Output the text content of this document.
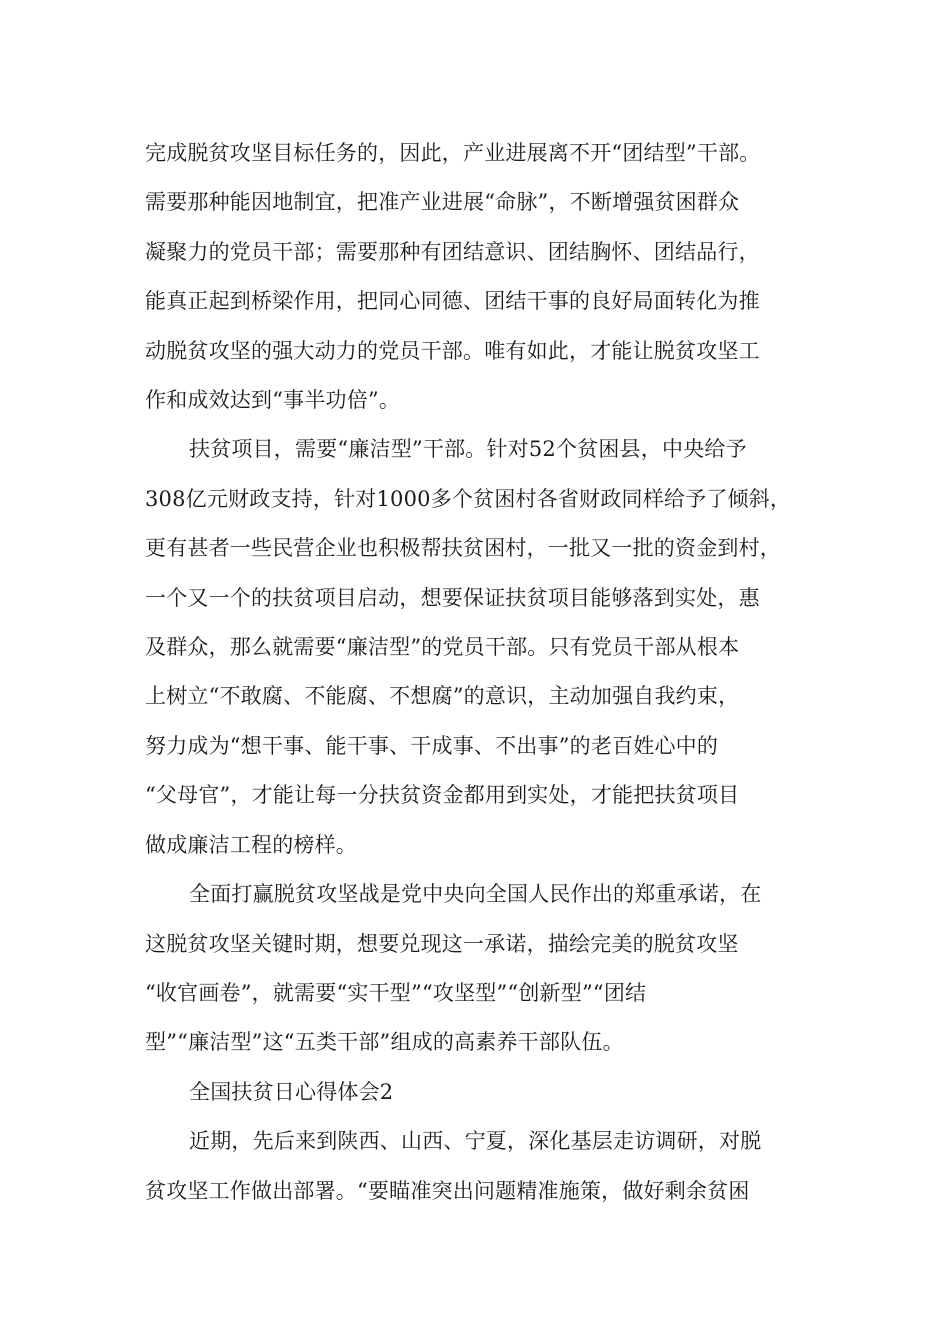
完成脱贫攻坚目标任务的，因此，产业进展离不开“团结型”干部。
需要那种能因地制宜，把准产业进展“命脉”，不断增强贫困群众
凝聚力的党员干部；需要那种有团结意识、团结胸怀、团结品行，
能真正起到桥梁作用，把同心同德、团结干事的良好局面转化为推
动脱贫攻坚的强大动力的党员干部。唯有如此，才能让脱贫攻坚工
作和成效达到“事半功倍”。

扶贫项目，需要“廉洁型”干部。针对52个贫困县，中央给予
308亿元财政支持，针对1000多个贫困村各省财政同样给予了倾斜，
更有甚者一些民营企业也积极帮扶贫困村，一批又一批的资金到村，
一个又一个的扶贫项目启动，想要保证扶贫项目能够落到实处，惠
及群众，那么就需要“廉洁型”的党员干部。只有党员干部从根本
上树立“不敢腐、不能腐、不想腐”的意识，主动加强自我约束，
努力成为“想干事、能干事、干成事、不出事”的老百姓心中的
“父母官”，才能让每一分扶贫资金都用到实处，才能把扶贫项目
做成廉洁工程的榜样。

全面打赢脱贫攻坚战是党中央向全国人民作出的郑重承诺，在
这脱贫攻坚关键时期，想要兑现这一承诺，描绘完美的脱贫攻坚
“收官画卷”，就需要“实干型”“攻坚型”“创新型”“团结
型”“廉洁型”这“五类干部”组成的高素养干部队伍。

全国扶贫日心得体会2

近期，先后来到陕西、山西、宁夏，深化基层走访调研，对脱
贫攻坚工作做出部署。“要瞄准突出问题精准施策，做好剩余贫困
